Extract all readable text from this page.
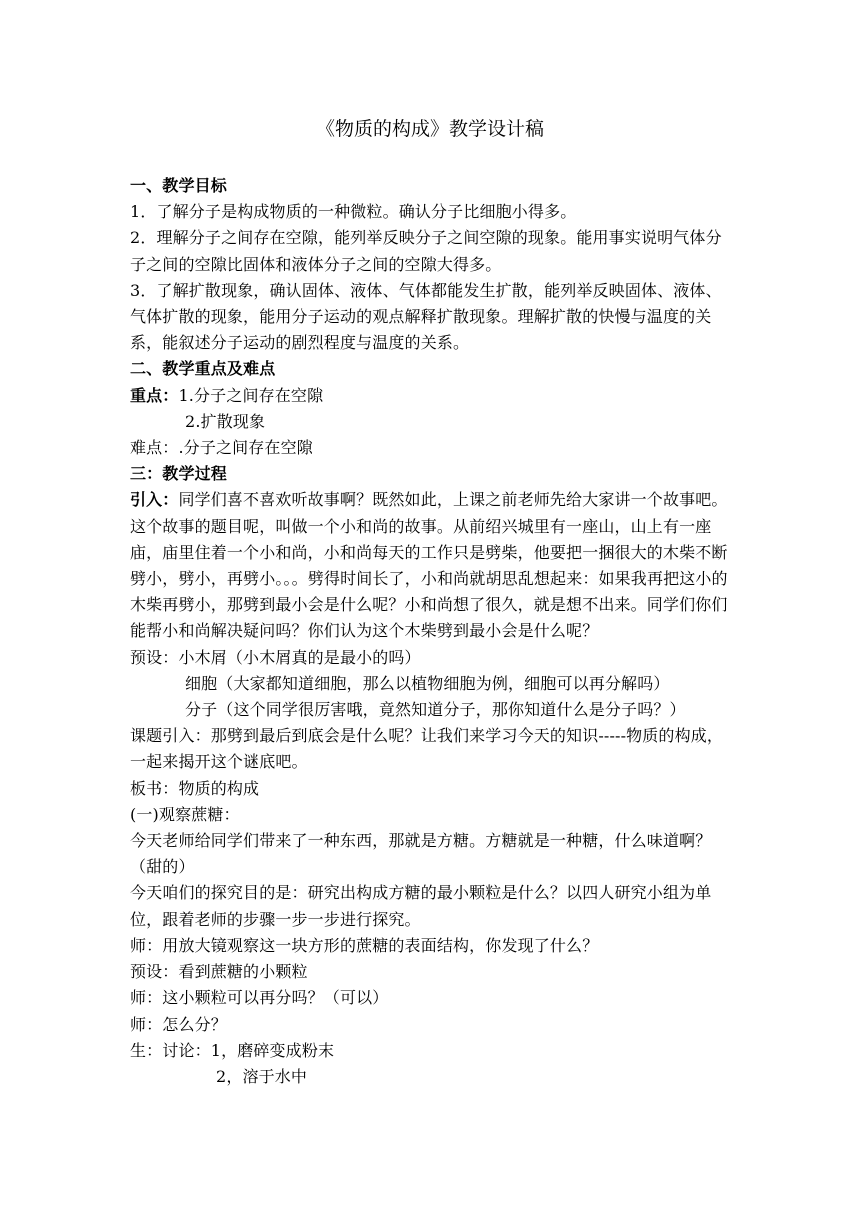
《物质的构成》教学设计稿

一、教学目标

1．了解分子是构成物质的一种微粒。确认分子比细胞小得多。

2．理解分子之间存在空隙，能列举反映分子之间空隙的现象。能用事实说明气体分子之间的空隙比固体和液体分子之间的空隙大得多。

3．了解扩散现象，确认固体、液体、气体都能发生扩散，能列举反映固体、液体、气体扩散的现象，能用分子运动的观点解释扩散现象。理解扩散的快慢与温度的关系，能叙述分子运动的剧烈程度与温度的关系。

二、教学重点及难点

重点：1.分子之间存在空隙

2.扩散现象

难点：.分子之间存在空隙

三：教学过程

引入：同学们喜不喜欢听故事啊？既然如此，上课之前老师先给大家讲一个故事吧。这个故事的题目呢，叫做一个小和尚的故事。从前绍兴城里有一座山，山上有一座庙，庙里住着一个小和尚，小和尚每天的工作只是劈柴，他要把一捆很大的木柴不断劈小，劈小，再劈小。。。劈得时间长了，小和尚就胡思乱想起来：如果我再把这小的木柴再劈小，那劈到最小会是什么呢？小和尚想了很久，就是想不出来。同学们你们能帮小和尚解决疑问吗？你们认为这个木柴劈到最小会是什么呢？

预设：小木屑（小木屑真的是最小的吗）

细胞（大家都知道细胞，那么以植物细胞为例，细胞可以再分解吗）

分子（这个同学很厉害哦，竟然知道分子，那你知道什么是分子吗？）

课题引入：那劈到最后到底会是什么呢？让我们来学习今天的知识-----物质的构成，一起来揭开这个谜底吧。

板书：物质的构成

(一)观察蔗糖：

今天老师给同学们带来了一种东西，那就是方糖。方糖就是一种糖，什么味道啊？（甜的）

今天咱们的探究目的是：研究出构成方糖的最小颗粒是什么？以四人研究小组为单位，跟着老师的步骤一步一步进行探究。

师：用放大镜观察这一块方形的蔗糖的表面结构，你发现了什么？

预设：看到蔗糖的小颗粒

师：这小颗粒可以再分吗？（可以）

师：怎么分？

生：讨论：1，磨碎变成粉末

2，溶于水中
